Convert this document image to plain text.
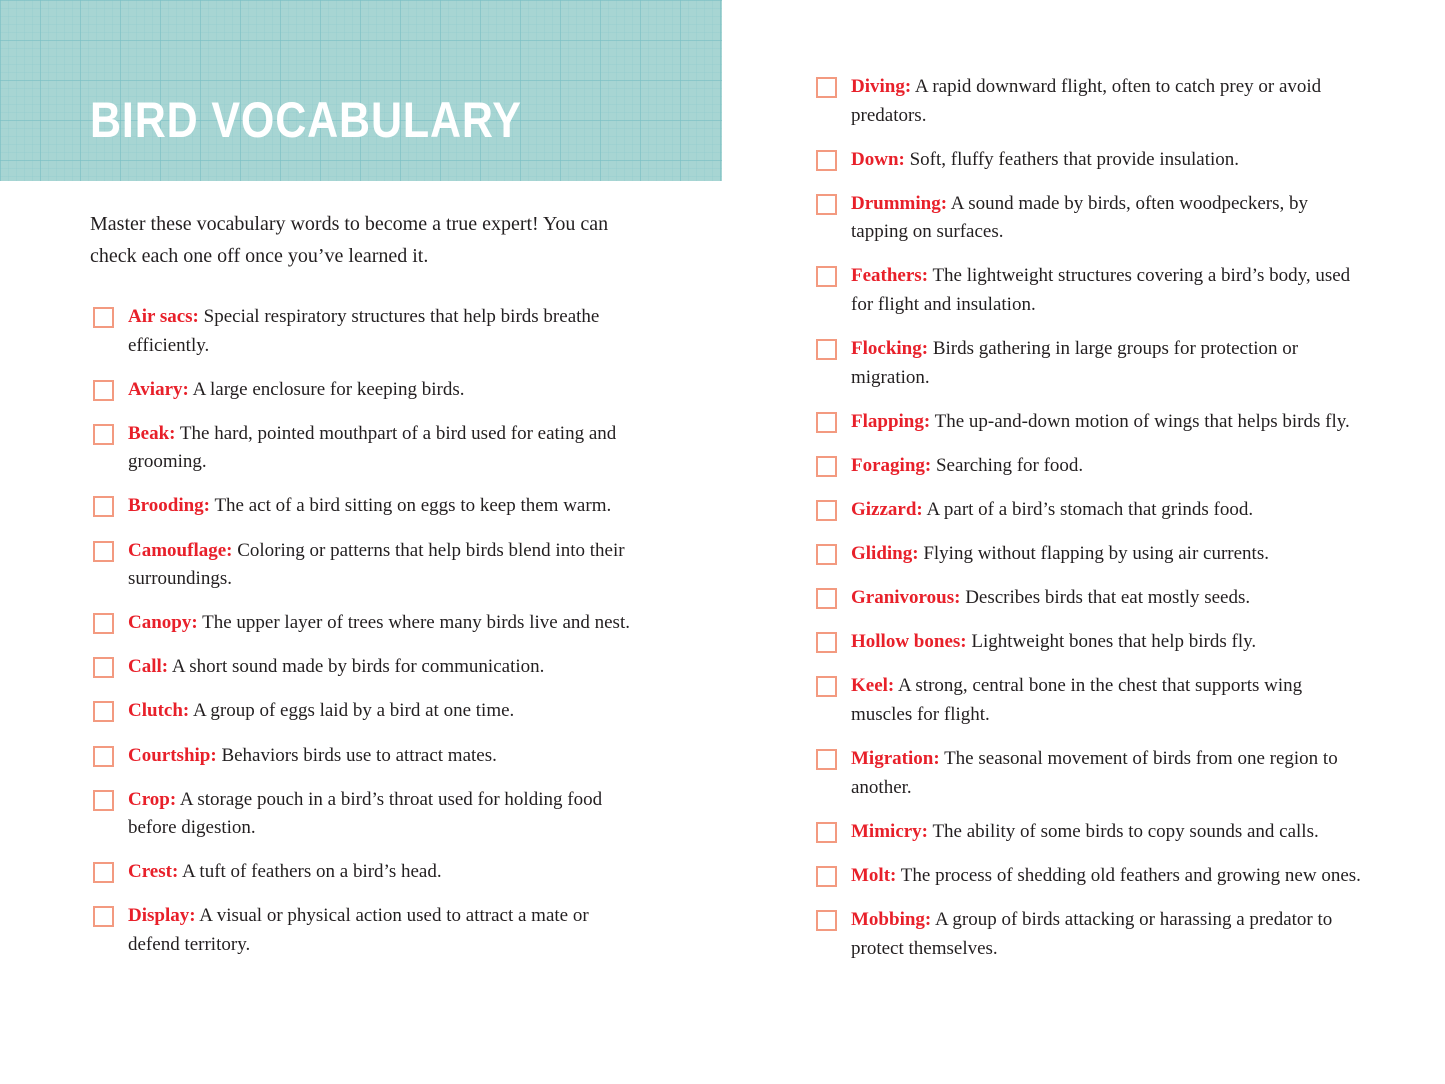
BIRD VOCABULARY

Master these vocabulary words to become a true expert! You can check each one off once you’ve learned it.

Air sacs: Special respiratory structures that help birds breathe efficiently.
Aviary: A large enclosure for keeping birds.
Beak: The hard, pointed mouthpart of a bird used for eating and grooming.
Brooding: The act of a bird sitting on eggs to keep them warm.
Camouflage: Coloring or patterns that help birds blend into their surroundings.
Canopy: The upper layer of trees where many birds live and nest.
Call: A short sound made by birds for communication.
Clutch: A group of eggs laid by a bird at one time.
Courtship: Behaviors birds use to attract mates.
Crop: A storage pouch in a bird’s throat used for holding food before digestion.
Crest: A tuft of feathers on a bird’s head.
Display: A visual or physical action used to attract a mate or defend territory.
Diving: A rapid downward flight, often to catch prey or avoid predators.
Down: Soft, fluffy feathers that provide insulation.
Drumming: A sound made by birds, often woodpeckers, by tapping on surfaces.
Feathers: The lightweight structures covering a bird’s body, used for flight and insulation.
Flocking: Birds gathering in large groups for protection or migration.
Flapping: The up-and-down motion of wings that helps birds fly.
Foraging: Searching for food.
Gizzard: A part of a bird’s stomach that grinds food.
Gliding: Flying without flapping by using air currents.
Granivorous: Describes birds that eat mostly seeds.
Hollow bones: Lightweight bones that help birds fly.
Keel: A strong, central bone in the chest that supports wing muscles for flight.
Migration: The seasonal movement of birds from one region to another.
Mimicry: The ability of some birds to copy sounds and calls.
Molt: The process of shedding old feathers and growing new ones.
Mobbing: A group of birds attacking or harassing a predator to protect themselves.
